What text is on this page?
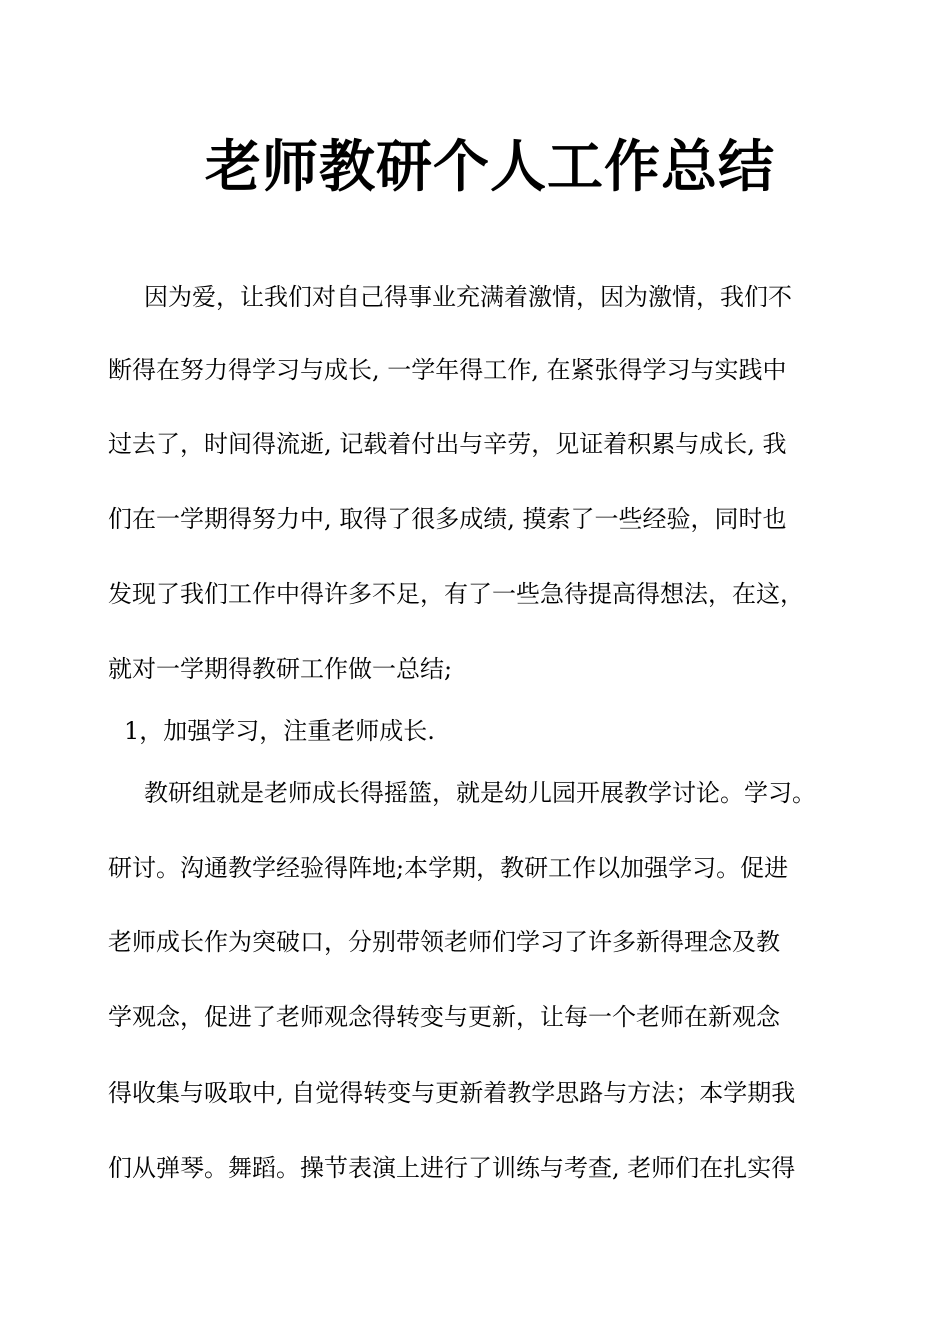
老师教研个人工作总结
　因为爱，让我们对自己得事业充满着激情，因为激情，我们不
断得在努力得学习与成长, 一学年得工作, 在紧张得学习与实践中
过去了，时间得流逝, 记载着付出与辛劳，见证着积累与成长, 我
们在一学期得努力中, 取得了很多成绩, 摸索了一些经验，同时也
发现了我们工作中得许多不足，有了一些急待提高得想法，在这，
就对一学期得教研工作做一总结;
1，加强学习，注重老师成长.
　教研组就是老师成长得摇篮，就是幼儿园开展教学讨论。学习。
研讨。沟通教学经验得阵地;本学期，教研工作以加强学习。促进
老师成长作为突破口，分别带领老师们学习了许多新得理念及教
学观念，促进了老师观念得转变与更新，让每一个老师在新观念
得收集与吸取中, 自觉得转变与更新着教学思路与方法；本学期我
们从弹琴。舞蹈。操节表演上进行了训练与考查, 老师们在扎实得
